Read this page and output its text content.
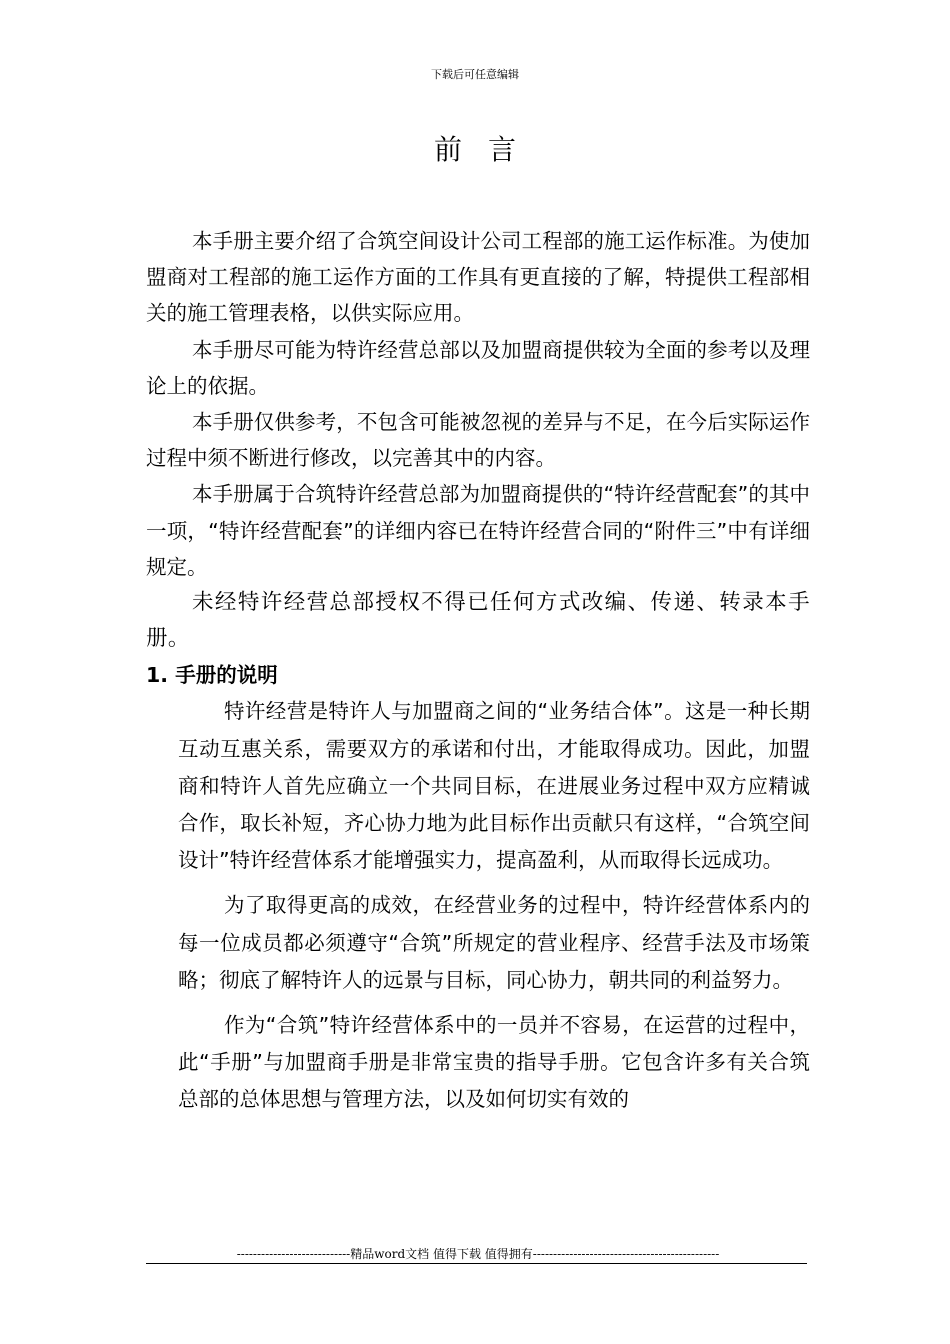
下载后可任意编辑
前言

本手册主要介绍了合筑空间设计公司工程部的施工运作标准。为使加盟商对工程部的施工运作方面的工作具有更直接的了解，特提供工程部相关的施工管理表格，以供实际应用。

本手册尽可能为特许经营总部以及加盟商提供较为全面的参考以及理论上的依据。

本手册仅供参考，不包含可能被忽视的差异与不足，在今后实际运作过程中须不断进行修改，以完善其中的内容。

本手册属于合筑特许经营总部为加盟商提供的“特许经营配套”的其中一项，“特许经营配套”的详细内容已在特许经营合同的“附件三”中有详细规定。

未经特许经营总部授权不得已任何方式改编、传递、转录本手册。

1. 手册的说明

特许经营是特许人与加盟商之间的“业务结合体”。这是一种长期互动互惠关系，需要双方的承诺和付出，才能取得成功。因此，加盟商和特许人首先应确立一个共同目标，在进展业务过程中双方应精诚合作，取长补短，齐心协力地为此目标作出贡献只有这样，“合筑空间设计”特许经营体系才能增强实力，提高盈利，从而取得长远成功。

为了取得更高的成效，在经营业务的过程中，特许经营体系内的每一位成员都必须遵守“合筑”所规定的营业程序、经营手法及市场策略；彻底了解特许人的远景与目标，同心协力，朝共同的利益努力。

作为“合筑”特许经营体系中的一员并不容易，在运营的过程中，此“手册”与加盟商手册是非常宝贵的指导手册。它包含许多有关合筑总部的总体思想与管理方法，以及如何切实有效的

----------------------------精品word文档 值得下载 值得拥有----------------------------------------------
